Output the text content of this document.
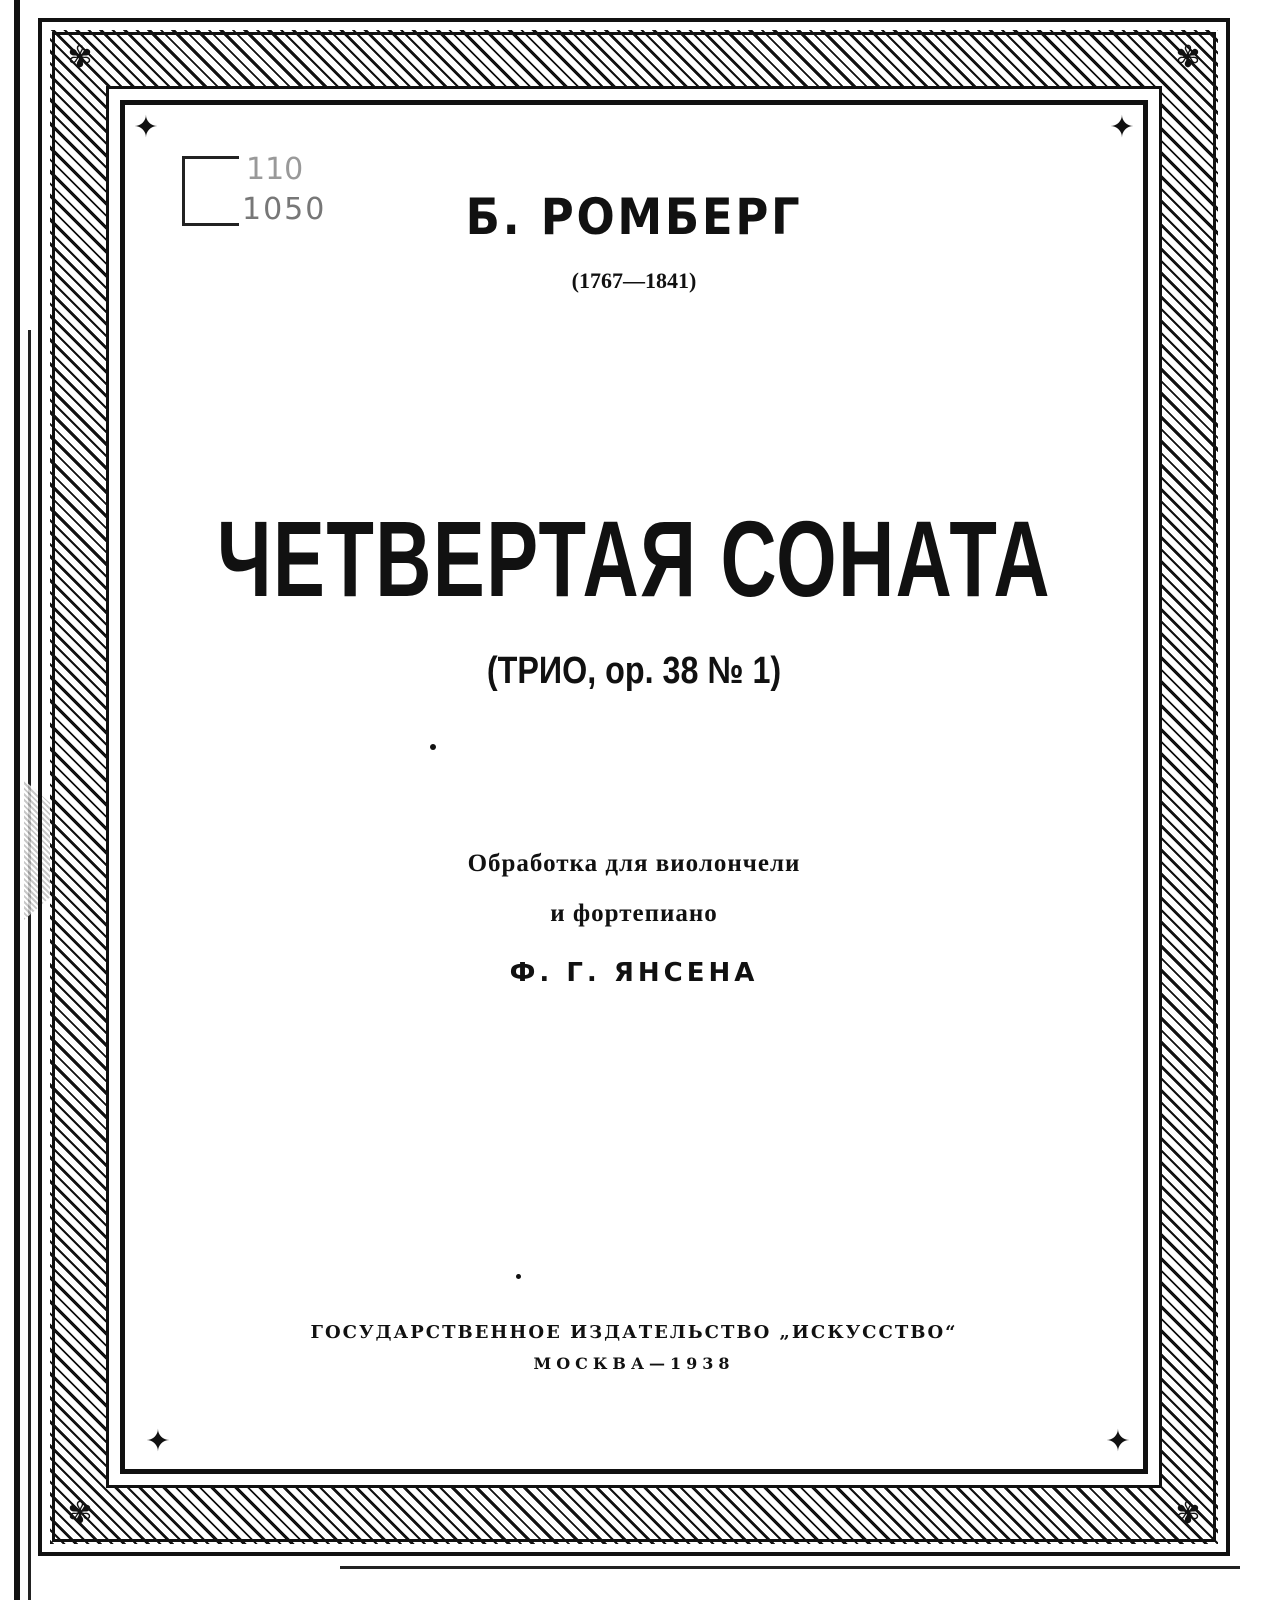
✾	✾
✾	✾
✦	✦
✦	✦
110
1050	Б. РОМБЕРГ
(1767—1841)
ЧЕТВЕРТАЯ СОНАТА
(ТРИО, ор. 38 № 1)
Обработка для виолончели
и фортепиано
Ф. Г. ЯНСЕНА
ГОСУДАРСТВЕННОЕ ИЗДАТЕЛЬСТВО „ИСКУССТВО“
МОСКВА—1938
